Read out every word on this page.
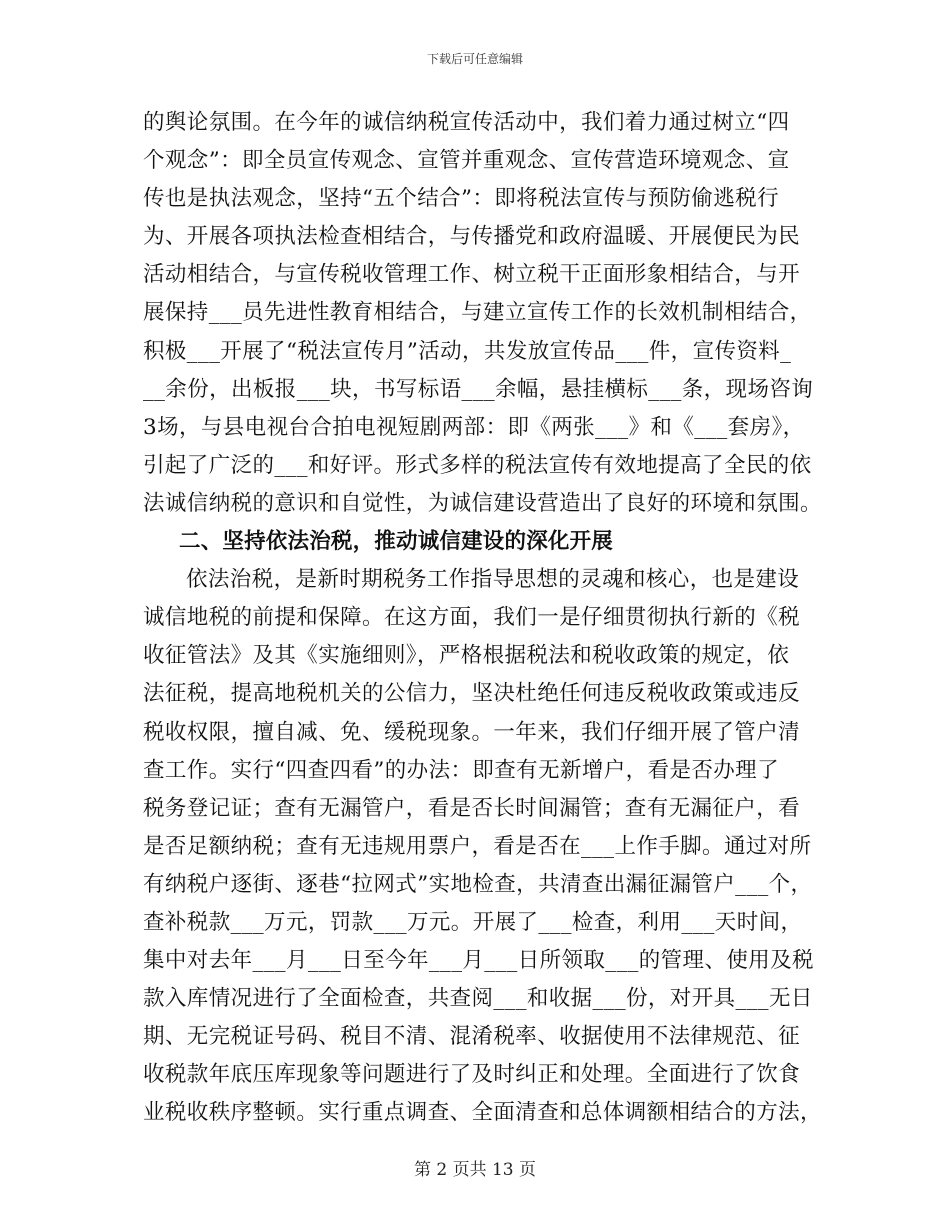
下载后可任意编辑
的舆论氛围。在今年的诚信纳税宣传活动中，我们着力通过树立“四
个观念”：即全员宣传观念、宣管并重观念、宣传营造环境观念、宣
传也是执法观念，坚持“五个结合”：即将税法宣传与预防偷逃税行
为、开展各项执法检查相结合，与传播党和政府温暖、开展便民为民
活动相结合，与宣传税收管理工作、树立税干正面形象相结合，与开
展保持___员先进性教育相结合，与建立宣传工作的长效机制相结合，
积极___开展了“税法宣传月”活动，共发放宣传品___件，宣传资料_
__余份，出板报___块，书写标语___余幅，悬挂横标___条，现场咨询
3场，与县电视台合拍电视短剧两部：即《两张___》和《___套房》，
引起了广泛的___和好评。形式多样的税法宣传有效地提高了全民的依
法诚信纳税的意识和自觉性，为诚信建设营造出了良好的环境和氛围。
二、坚持依法治税，推动诚信建设的深化开展
依法治税，是新时期税务工作指导思想的灵魂和核心，也是建设
诚信地税的前提和保障。在这方面，我们一是仔细贯彻执行新的《税
收征管法》及其《实施细则》，严格根据税法和税收政策的规定，依
法征税，提高地税机关的公信力，坚决杜绝任何违反税收政策或违反
税收权限，擅自减、免、缓税现象。一年来，我们仔细开展了管户清
查工作。实行“四查四看”的办法：即查有无新增户，看是否办理了
税务登记证；查有无漏管户，看是否长时间漏管；查有无漏征户，看
是否足额纳税；查有无违规用票户，看是否在___上作手脚。通过对所
有纳税户逐街、逐巷“拉网式”实地检查，共清查出漏征漏管户___个，
查补税款___万元，罚款___万元。开展了___检查，利用___天时间，
集中对去年___月___日至今年___月___日所领取___的管理、使用及税
款入库情况进行了全面检查，共查阅___和收据___份，对开具___无日
期、无完税证号码、税目不清、混淆税率、收据使用不法律规范、征
收税款年底压库现象等问题进行了及时纠正和处理。全面进行了饮食
业税收秩序整顿。实行重点调查、全面清查和总体调额相结合的方法，
第 2 页共 13 页
